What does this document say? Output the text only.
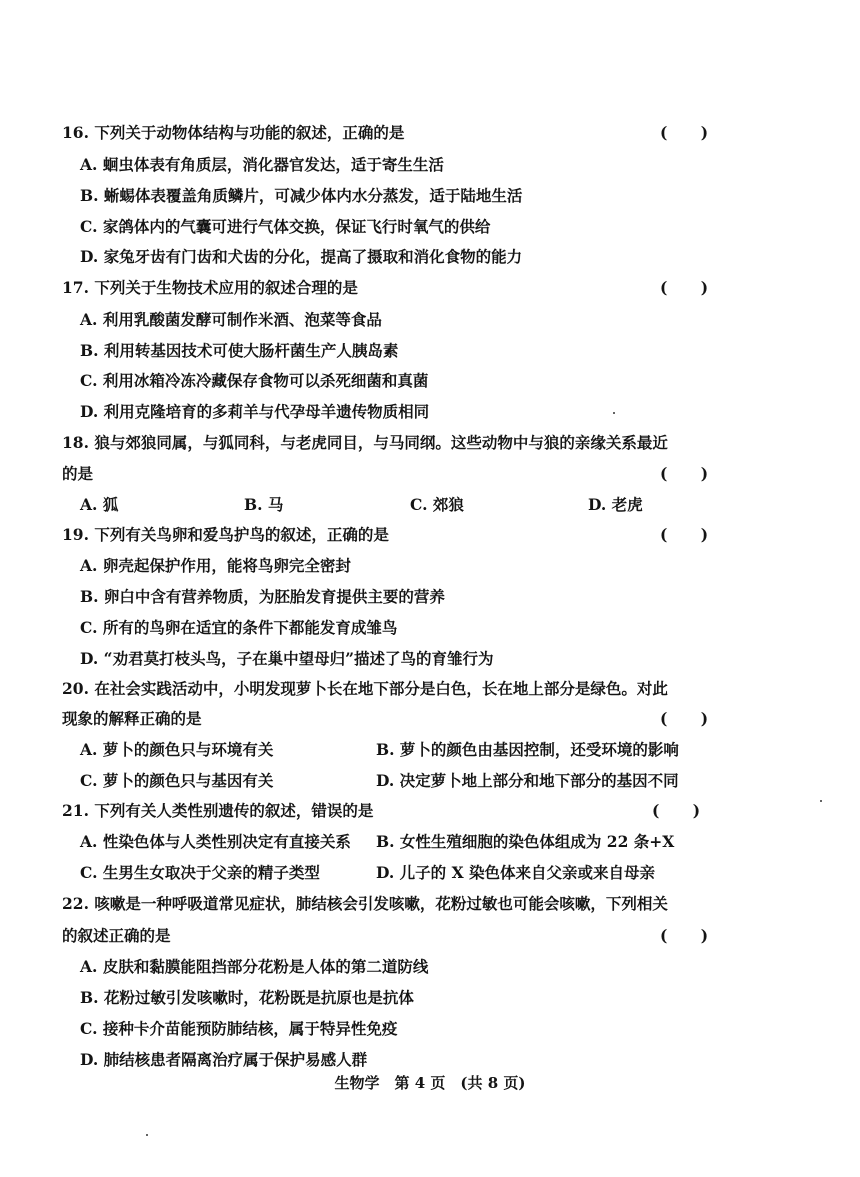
16. 下列关于动物体结构与功能的叙述，正确的是	( )
A. 蛔虫体表有角质层，消化器官发达，适于寄生生活
B. 蜥蜴体表覆盖角质鳞片，可减少体内水分蒸发，适于陆地生活
C. 家鸽体内的气囊可进行气体交换，保证飞行时氧气的供给
D. 家兔牙齿有门齿和犬齿的分化，提高了摄取和消化食物的能力
17. 下列关于生物技术应用的叙述合理的是	( )
A. 利用乳酸菌发酵可制作米酒、泡菜等食品
B. 利用转基因技术可使大肠杆菌生产人胰岛素
C. 利用冰箱冷冻冷藏保存食物可以杀死细菌和真菌
D. 利用克隆培育的多莉羊与代孕母羊遗传物质相同
18. 狼与郊狼同属，与狐同科，与老虎同目，与马同纲。这些动物中与狼的亲缘关系最近
的是	( )
A. 狐	B. 马	C. 郊狼	D. 老虎
19. 下列有关鸟卵和爱鸟护鸟的叙述，正确的是	( )
A. 卵壳起保护作用，能将鸟卵完全密封
B. 卵白中含有营养物质，为胚胎发育提供主要的营养
C. 所有的鸟卵在适宜的条件下都能发育成雏鸟
D. “劝君莫打枝头鸟，子在巢中望母归”描述了鸟的育雏行为
20. 在社会实践活动中，小明发现萝卜长在地下部分是白色，长在地上部分是绿色。对此
现象的解释正确的是	( )
A. 萝卜的颜色只与环境有关	B. 萝卜的颜色由基因控制，还受环境的影响
C. 萝卜的颜色只与基因有关	D. 决定萝卜地上部分和地下部分的基因不同
21. 下列有关人类性别遗传的叙述，错误的是	( )
A. 性染色体与人类性别决定有直接关系 B. 女性生殖细胞的染色体组成为 22 条+X
C. 生男生女取决于父亲的精子类型	D. 儿子的 X 染色体来自父亲或来自母亲
22. 咳嗽是一种呼吸道常见症状，肺结核会引发咳嗽，花粉过敏也可能会咳嗽，下列相关
的叙述正确的是	( )
A. 皮肤和黏膜能阻挡部分花粉是人体的第二道防线
B. 花粉过敏引发咳嗽时，花粉既是抗原也是抗体
C. 接种卡介苗能预防肺结核，属于特异性免疫
D. 肺结核患者隔离治疗属于保护易感人群
生物学　第 4 页　(共 8 页)
